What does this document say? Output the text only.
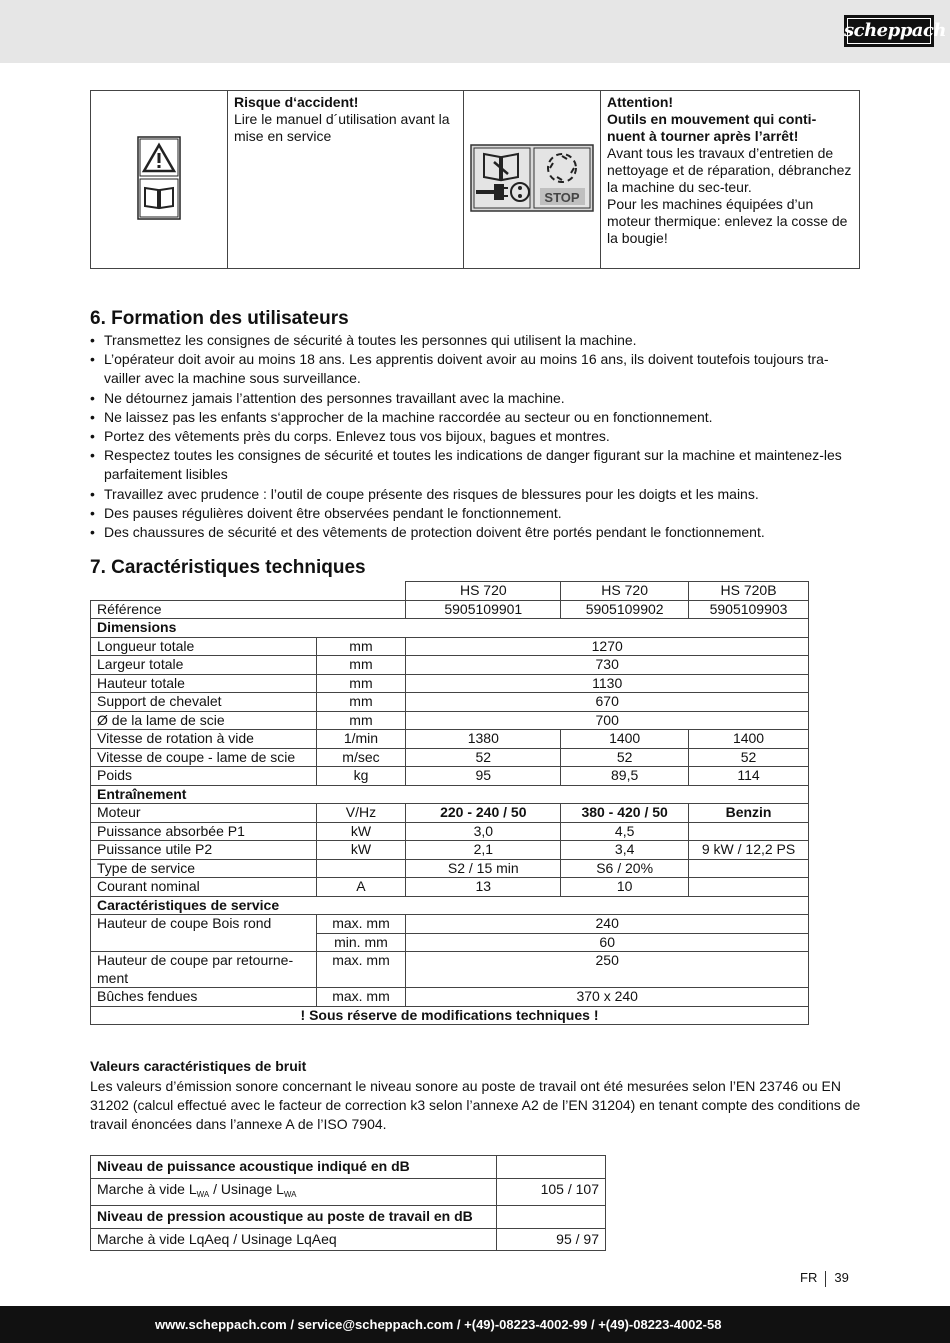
scheppach

Risque d‘accident!
Lire le manuel d´utilisation avant la mise en service

STOP

Attention!
Outils en mouvement qui conti-nuent à tourner après l’arrêt!
Avant tous les travaux d’entretien de nettoyage et de réparation, débranchez la machine du sec-teur.
Pour les machines équipées d’un moteur thermique: enlevez la cosse de la bougie!
6. Formation des utilisateurs
• Transmettez les consignes de sécurité à toutes les personnes qui utilisent la machine.
• L’opérateur doit avoir au moins 18 ans. Les apprentis doivent avoir au moins 16 ans, ils doivent toutefois toujours tra-vailler avec la machine sous surveillance.
• Ne détournez jamais l’attention des personnes travaillant avec la machine.
• Ne laissez pas les enfants s‘approcher de la machine raccordée au secteur ou en fonctionnement.
• Portez des vêtements près du corps. Enlevez tous vos bijoux, bagues et montres.
• Respectez toutes les consignes de sécurité et toutes les indications de danger figurant sur la machine et maintenez-les parfaitement lisibles
• Travaillez avec prudence : l’outil de coupe présente des risques de blessures pour les doigts et les mains.
• Des pauses régulières doivent être observées pendant le fonctionnement.
• Des chaussures de sécurité et des vêtements de protection doivent être portés pendant le fonctionnement.
7. Caractéristiques techniques
		HS 720	HS 720	HS 720B
Référence		5905109901	5905109902	5905109903
Dimensions				
Longueur totale	mm	1270		
Largeur totale	mm	730		
Hauteur totale	mm	1130		
Support de chevalet	mm	670		
Ø de la lame de scie	mm	700		
Vitesse de rotation à vide	1/min	1380	1400	1400
Vitesse de coupe - lame de scie	m/sec	52	52	52
Poids	kg	95	89,5	114
Entraînement				
Moteur	V/Hz	220 - 240 / 50	380 - 420 / 50	Benzin
Puissance absorbée P1	kW	3,0	4,5	
Puissance utile P2	kW	2,1	3,4	9 kW / 12,2 PS
Type de service		S2 / 15 min	S6 / 20%	
Courant nominal	A	13	10	
Caractéristiques de service				
Hauteur de coupe Bois rond	max. mm	240		
	min. mm	60		
Hauteur de coupe par retourne-ment	max. mm	250		
Bûches fendues	max. mm	370 x 240		
! Sous réserve de modifications techniques !				
Valeurs caractéristiques de bruit
Les valeurs d’émission sonore concernant le niveau sonore au poste de travail ont été mesurées selon l’EN 23746 ou EN 31202 (calcul effectué avec le facteur de correction k3 selon l’annexe A2 de l’EN 31204) en tenant compte des conditions de travail énoncées dans l’annexe A de l’ISO 7904.
Niveau de puissance acoustique indiqué en dB	
Marche à vide $L_{WA}$ / Usinage $L_{WA}$	105 / 107
Niveau de pression acoustique au poste de travail en dB	
Marche à vide LqAeq / Usinage LqAeq	95 / 97
FR 39
www.scheppach.com / service@scheppach.com / +(49)-08223-4002-99 / +(49)-08223-4002-58
